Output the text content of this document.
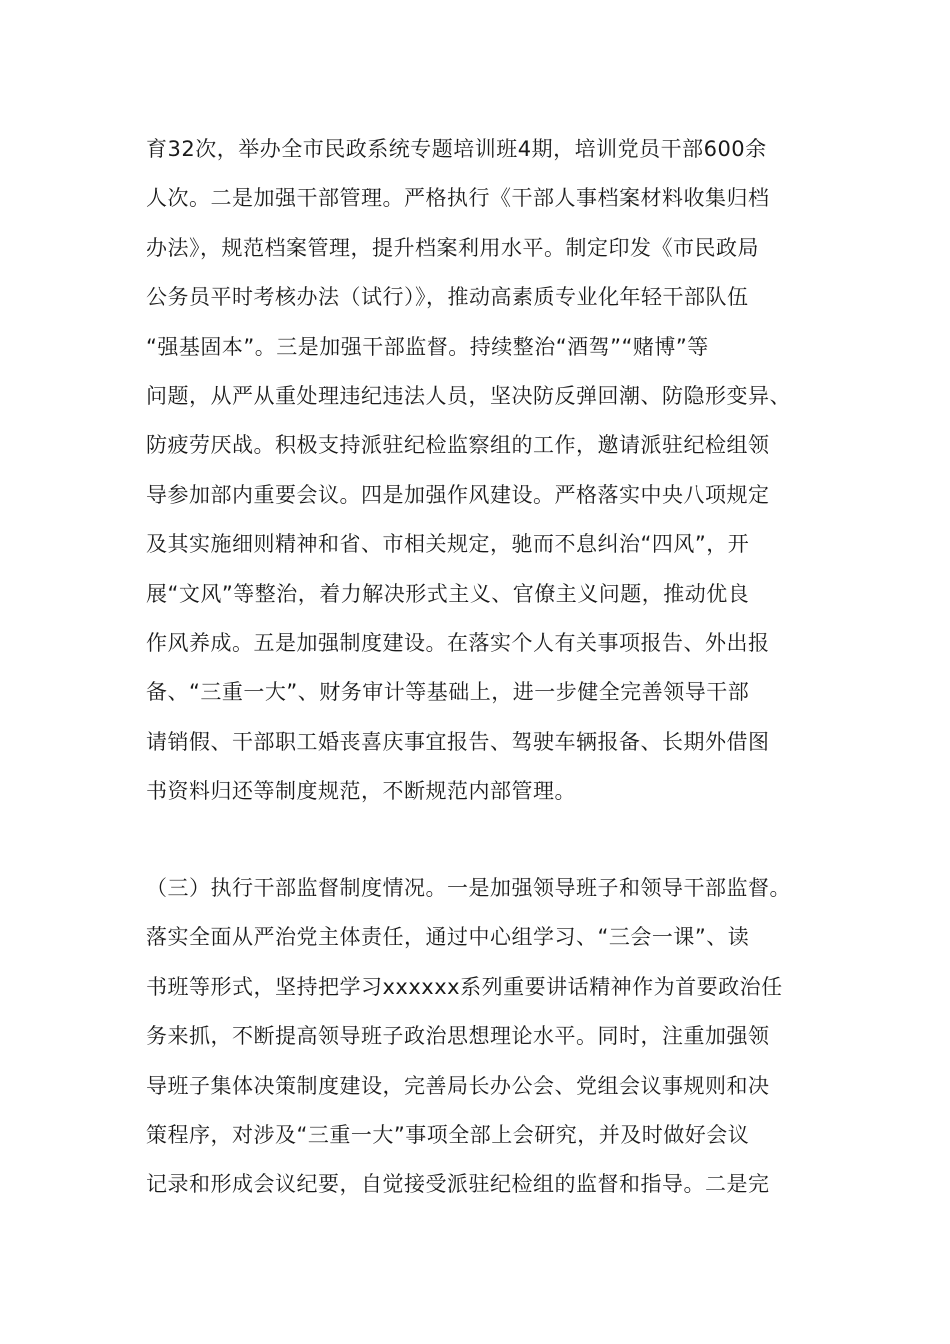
育32次，举办全市民政系统专题培训班4期，培训党员干部600余
人次。二是加强干部管理。严格执行《干部人事档案材料收集归档
办法》，规范档案管理，提升档案利用水平。制定印发《市民政局
公务员平时考核办法（试行）》，推动高素质专业化年轻干部队伍
“强基固本”。三是加强干部监督。持续整治“酒驾”“赌博”等
问题，从严从重处理违纪违法人员，坚决防反弹回潮、防隐形变异、
防疲劳厌战。积极支持派驻纪检监察组的工作，邀请派驻纪检组领
导参加部内重要会议。四是加强作风建设。严格落实中央八项规定
及其实施细则精神和省、市相关规定，驰而不息纠治“四风”，开
展“文风”等整治，着力解决形式主义、官僚主义问题，推动优良
作风养成。五是加强制度建设。在落实个人有关事项报告、外出报
备、“三重一大”、财务审计等基础上，进一步健全完善领导干部
请销假、干部职工婚丧喜庆事宜报告、驾驶车辆报备、长期外借图
书资料归还等制度规范，不断规范内部管理。
（三）执行干部监督制度情况。一是加强领导班子和领导干部监督。
落实全面从严治党主体责任，通过中心组学习、“三会一课”、读
书班等形式，坚持把学习xxxxxx系列重要讲话精神作为首要政治任
务来抓，不断提高领导班子政治思想理论水平。同时，注重加强领
导班子集体决策制度建设，完善局长办公会、党组会议事规则和决
策程序，对涉及“三重一大”事项全部上会研究，并及时做好会议
记录和形成会议纪要，自觉接受派驻纪检组的监督和指导。二是完
